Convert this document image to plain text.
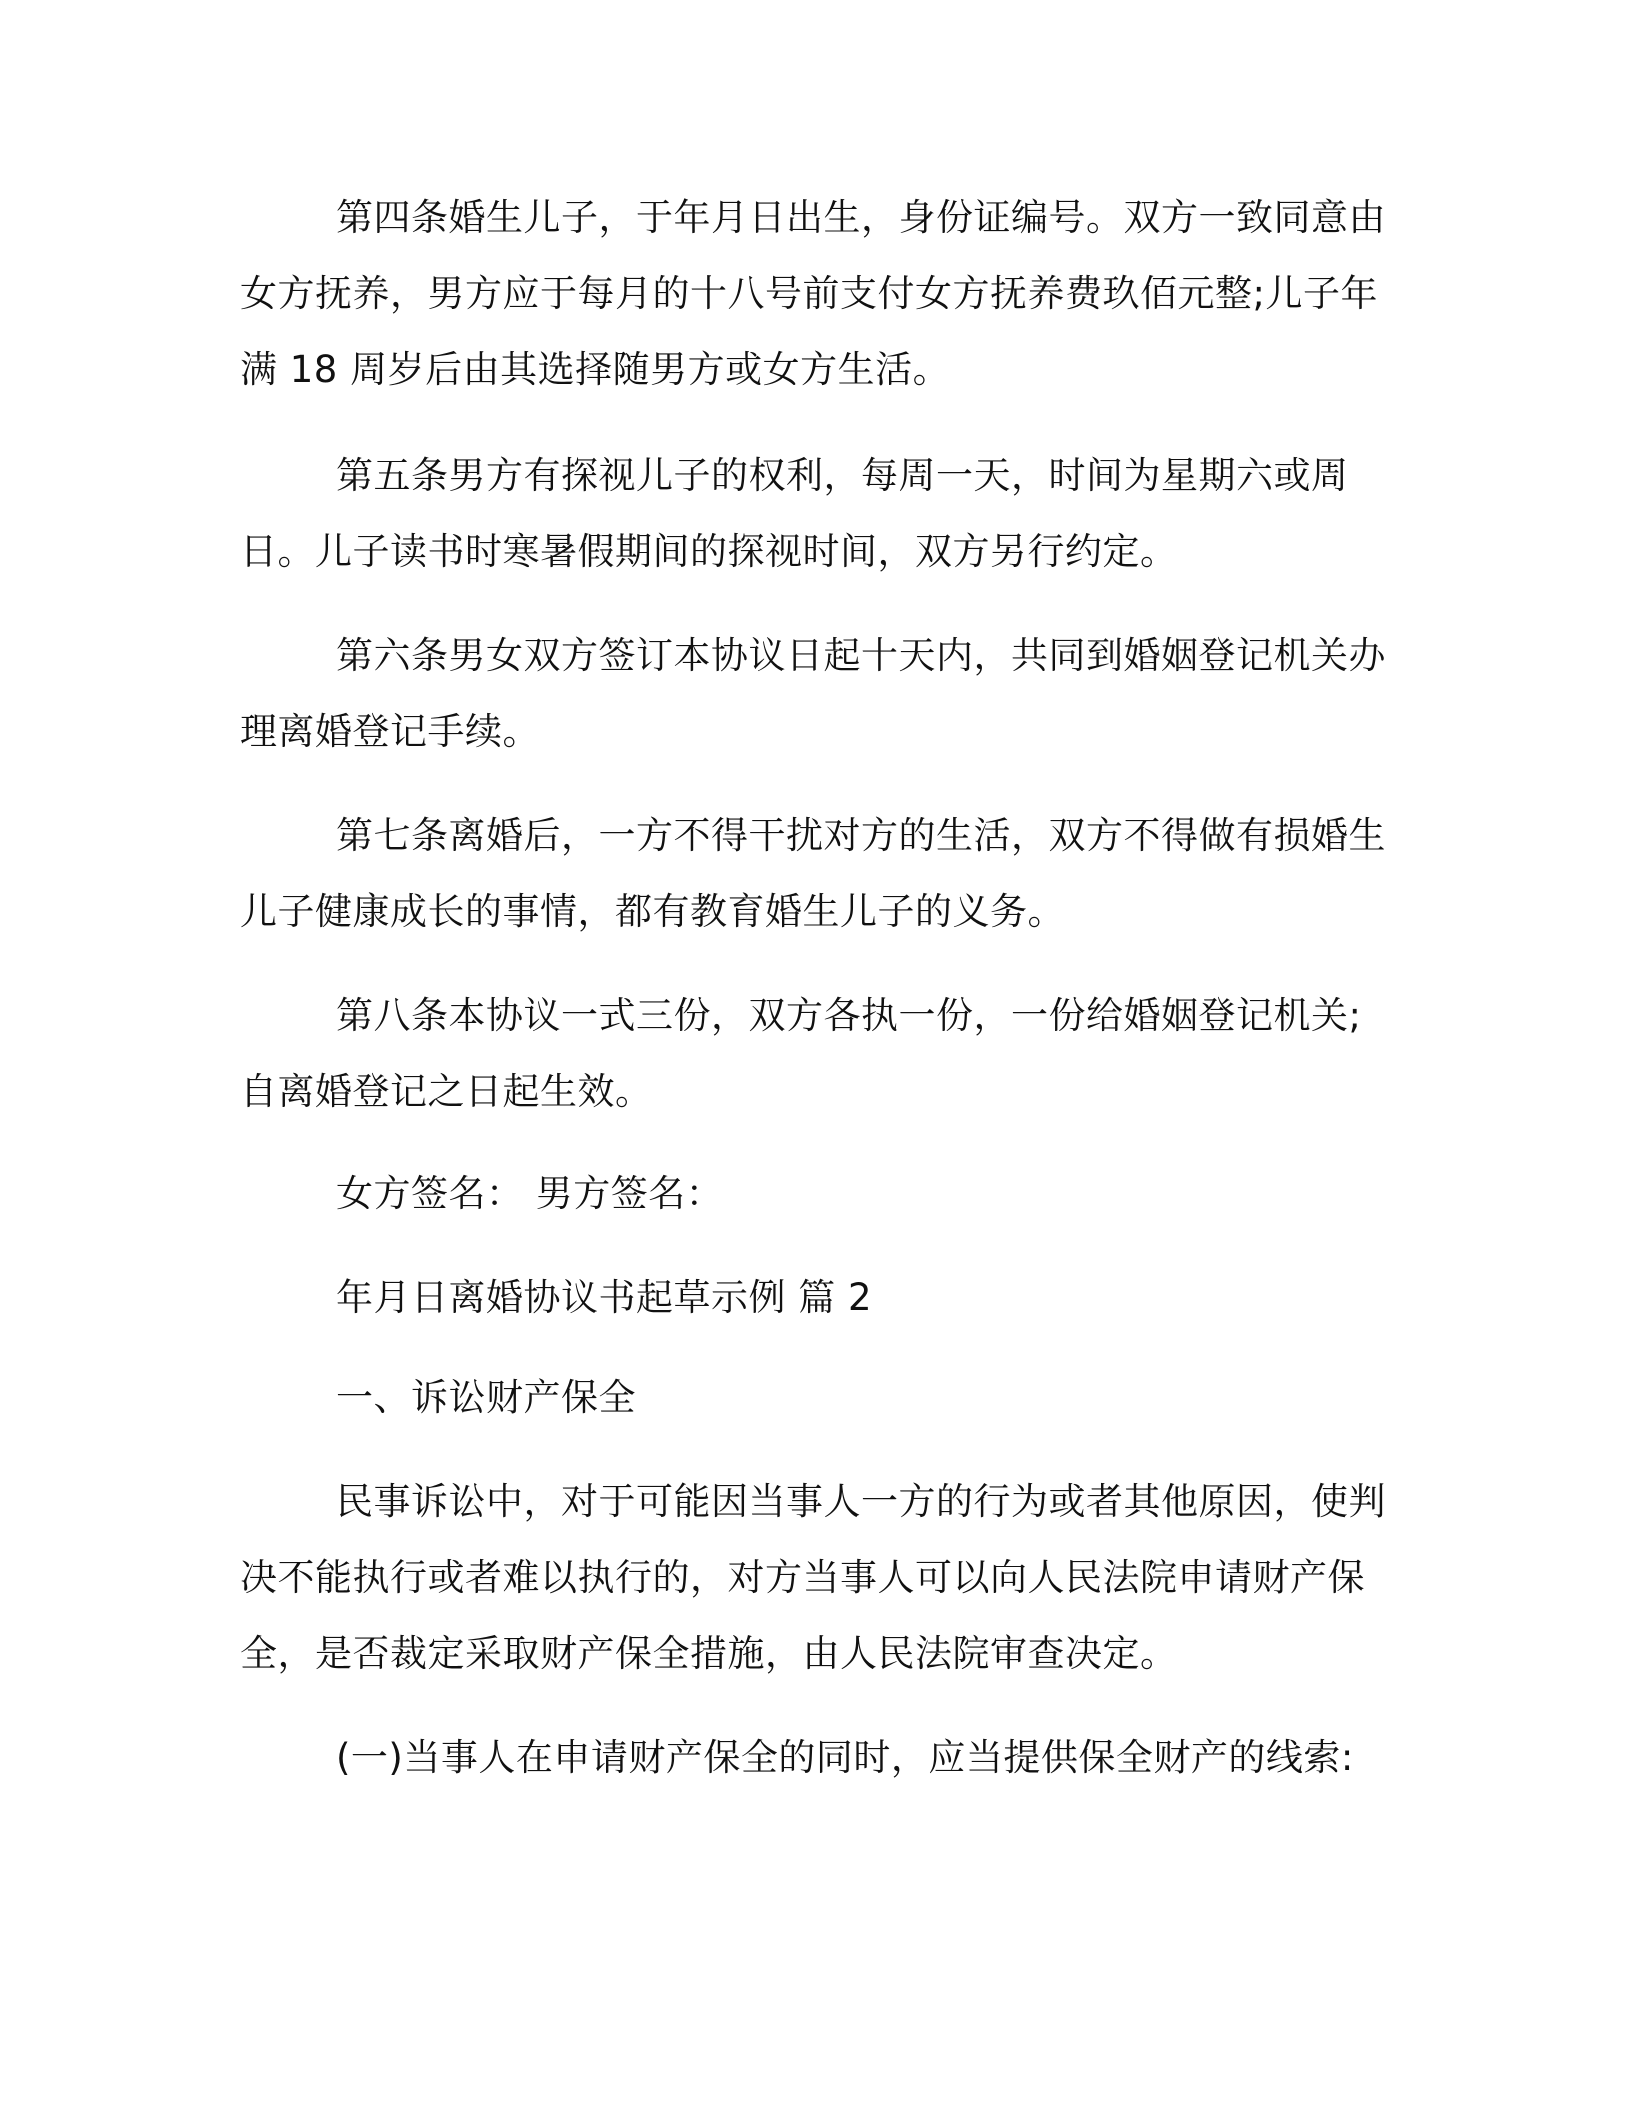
第四条婚生儿子，于年月日出生，身份证编号。双方一致同意由女方抚养，男方应于每月的十八号前支付女方抚养费玖佰元整;儿子年满 18 周岁后由其选择随男方或女方生活。

第五条男方有探视儿子的权利，每周一天，时间为星期六或周日。儿子读书时寒暑假期间的探视时间，双方另行约定。

第六条男女双方签订本协议日起十天内，共同到婚姻登记机关办理离婚登记手续。

第七条离婚后，一方不得干扰对方的生活，双方不得做有损婚生儿子健康成长的事情，都有教育婚生儿子的义务。

第八条本协议一式三份，双方各执一份，一份给婚姻登记机关;自离婚登记之日起生效。

女方签名： 男方签名：

年月日离婚协议书起草示例 篇 2

一、诉讼财产保全

民事诉讼中，对于可能因当事人一方的行为或者其他原因，使判决不能执行或者难以执行的，对方当事人可以向人民法院申请财产保全，是否裁定采取财产保全措施，由人民法院审查决定。

(一)当事人在申请财产保全的同时，应当提供保全财产的线索:
